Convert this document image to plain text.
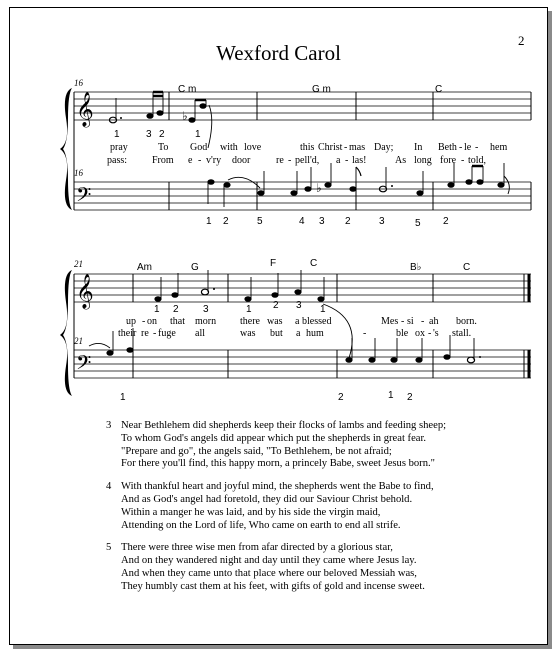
Wexford Carol
2
𝄞
𝄢
16
16
C m	G m	C
♭
1	3 2	1
pray	To God with love	this Christ - mas Day; In Beth - le - hem
pass:	From e - v'ry door	re - pell'd, a - las!	As long fore - told,
♭
1 2	5	4 3 2	3	5 2
𝄞
𝄢
21
21
Am	G	F	C	B♭	C
1 2 3	1 2 3 1
up - on that morn there was a blessed	Mes - si - ah born.
their re - fuge all	was but a hum	-	ble ox - 's stall.
1	2	1 2
3 Near Bethlehem did shepherds keep their flocks of lambs and feeding sheep;
To whom God's angels did appear which put the shepherds in great fear.
"Prepare and go", the angels said, "To Bethlehem, be not afraid;
For there you'll find, this happy morn, a princely Babe, sweet Jesus born."
4 With thankful heart and joyful mind, the shepherds went the Babe to find,
And as God's angel had foretold, they did our Saviour Christ behold.
Within a manger he was laid, and by his side the virgin maid,
Attending on the Lord of life, Who came on earth to end all strife.
5 There were three wise men from afar directed by a glorious star,
And on they wandered night and day until they came where Jesus lay.
And when they came unto that place where our beloved Messiah was,
They humbly cast them at his feet, with gifts of gold and incense sweet.
